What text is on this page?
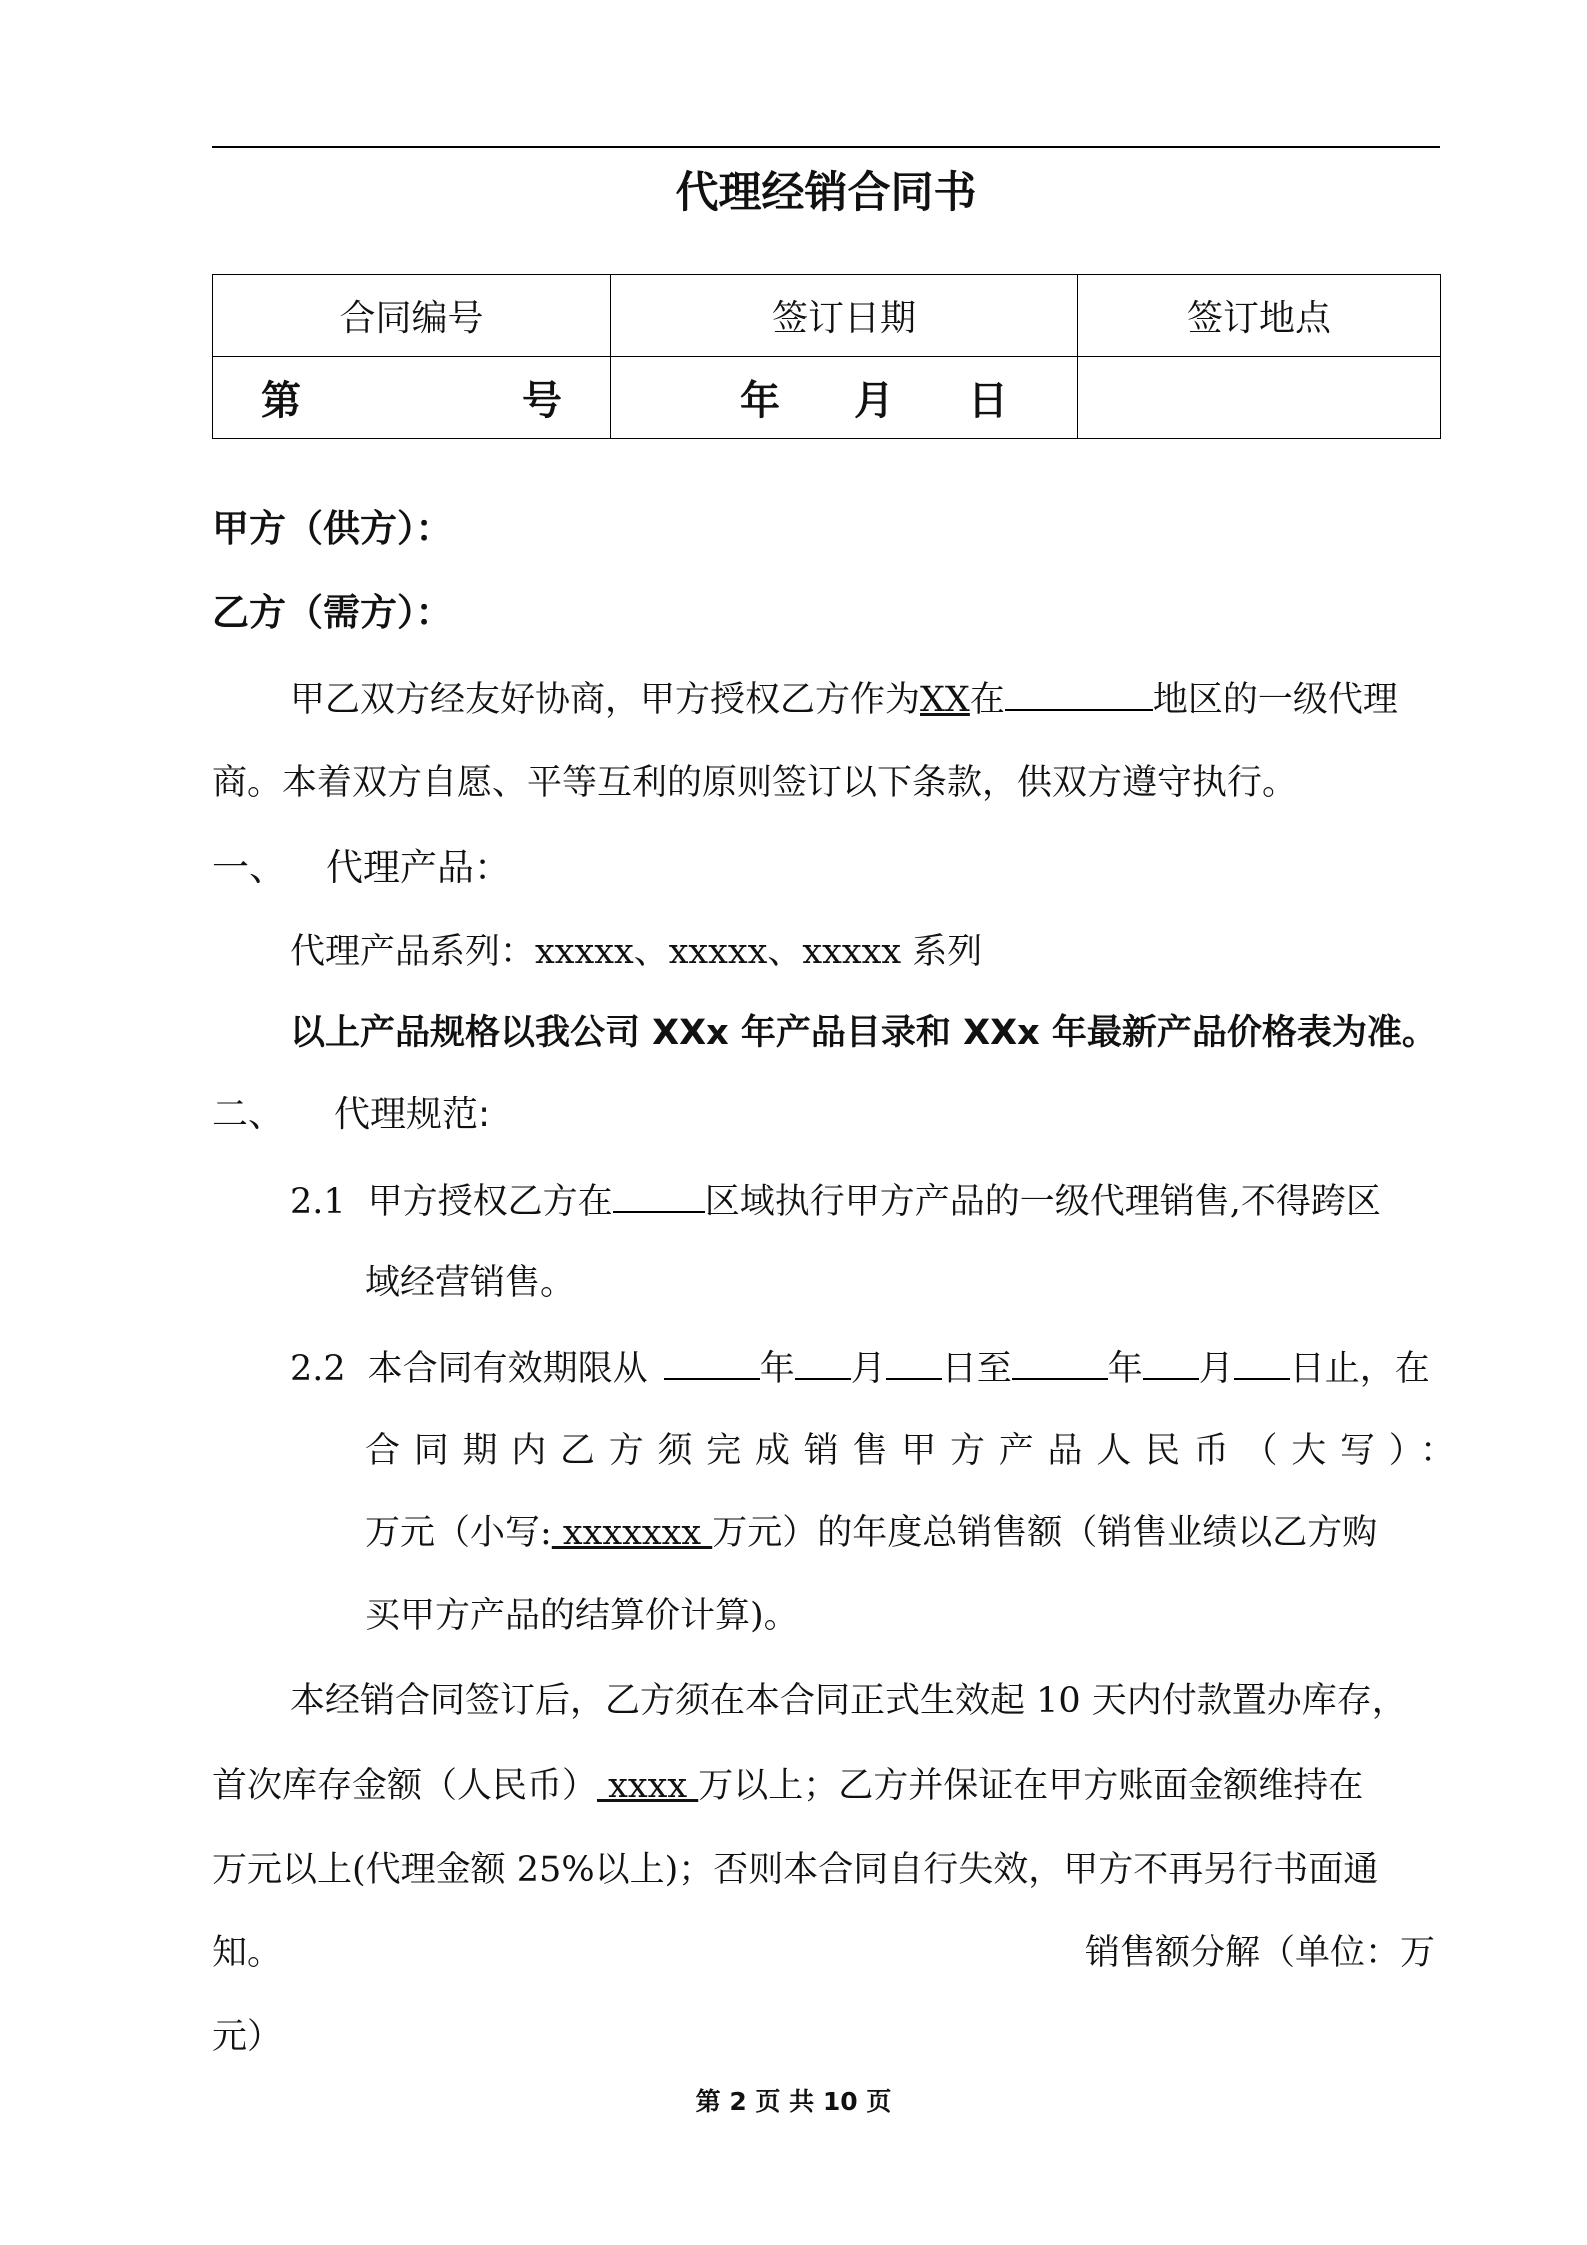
代理经销合同书
合同编号	签订日期	签订地点

第 号	年 月 日	

甲方（供方）：
乙方（需方）：
甲乙双方经友好协商，甲方授权乙方作为XX在	地区的一级代理
商。本着双方自愿、平等互利的原则签订以下条款，供双方遵守执行。
一、 代理产品：
代理产品系列：xxxxx、xxxxx、xxxxx 系列
以上产品规格以我公司 XXx 年产品目录和 XXx 年最新产品价格表为准。
二、 代理规范:
2.1 甲方授权乙方在	区域执行甲方产品的一级代理销售,不得跨区
域经营销售。
2.2 本合同有效期限从	年 月 日至	年 月 日止，在
合同期内乙方须完成销售甲方产品人民币（大写）：
万元（小写: xxxxxxx 万元）的年度总销售额（销售业绩以乙方购
买甲方产品的结算价计算)。
本经销合同签订后，乙方须在本合同正式生效起 10 天内付款置办库存，
首次库存金额（人民币） xxxx 万以上；乙方并保证在甲方账面金额维持在
万元以上(代理金额 25%以上)；否则本合同自行失效，甲方不再另行书面通
知。	销售额分解（单位：万
元）
第 2 页 共 10 页
